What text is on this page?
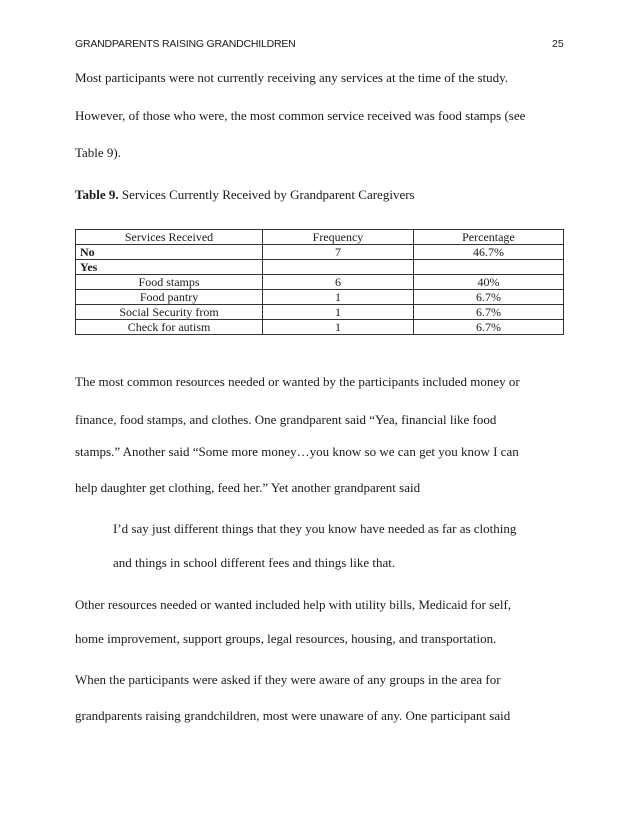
GRANDPARENTS RAISING GRANDCHILDREN	25
Most participants were not currently receiving any services at the time of the study.
However, of those who were, the most common service received was food stamps (see
Table 9).
Table 9. Services Currently Received by Grandparent Caregivers
Services Received	Frequency	Percentage
No	7	46.7%
Yes		
Food stamps	6	40%
Food pantry	1	6.7%
Social Security from	1	6.7%
Check for autism	1	6.7%
The most common resources needed or wanted by the participants included money or
finance, food stamps, and clothes. One grandparent said “Yea, financial like food
stamps.” Another said “Some more money…you know so we can get you know I can
help daughter get clothing, feed her.” Yet another grandparent said
I’d say just different things that they you know have needed as far as clothing
and things in school different fees and things like that.
Other resources needed or wanted included help with utility bills, Medicaid for self,
home improvement, support groups, legal resources, housing, and transportation.
When the participants were asked if they were aware of any groups in the area for
grandparents raising grandchildren, most were unaware of any. One participant said
